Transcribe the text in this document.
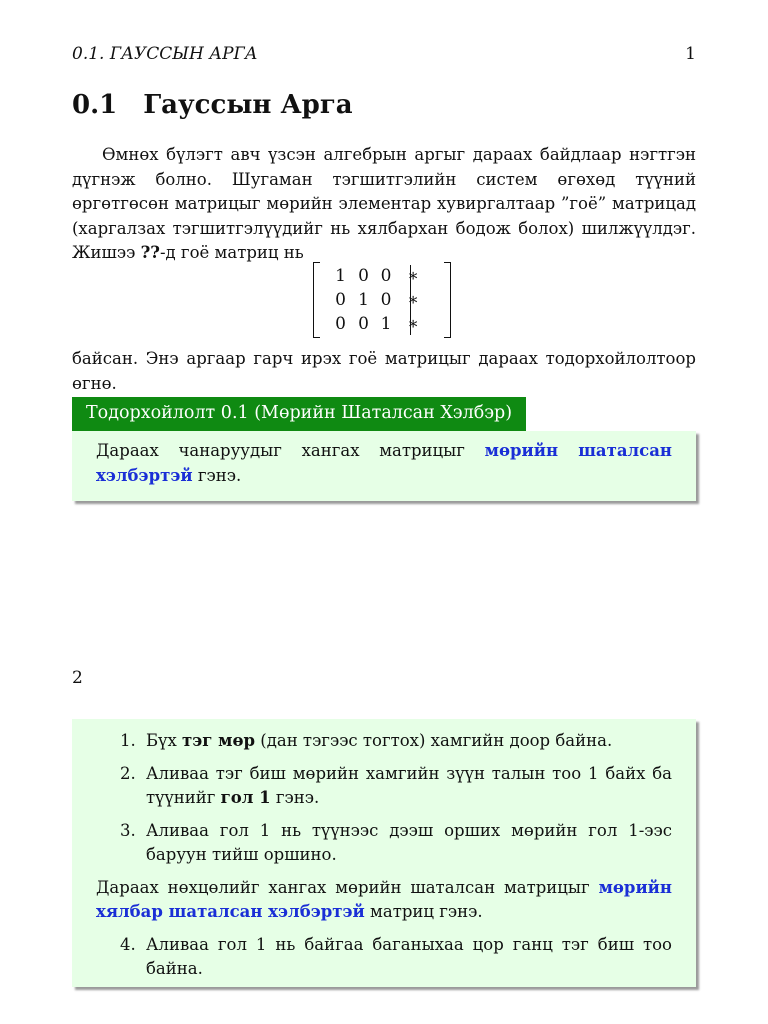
0.1. ГАУССЫН АРГА	1
0.1 Гауссын Арга

Өмнөх бүлэгт авч үзсэн алгебрын аргыг дараах байдлаар нэгтгэн дүгнэж болно. Шугаман тэгшитгэлийн систем өгөхөд түүний өргөтгөсөн матрицыг мөрийн элементар хувиргалтаар ”гоё” матрицад (харгалзах тэгшитгэлүүдийг нь хялбархан бодож болох) шилжүүлдэг. Жишээ ??-д гоё матриц нь

1 0 0 ∗
0 1 0 ∗
0 0 1 ∗

байсан. Энэ аргаар гарч ирэх гоё матрицыг дараах тодорхойлолтоор өгнө.

Тодорхойлолт 0.1 (Мөрийн Шаталсан Хэлбэр)
Дараах чанаруудыг хангах матрицыг мөрийн шаталсан хэлбэртэй гэнэ.
2
1. Бүх тэг мөр (дан тэгээс тогтох) хамгийн доор байна.
2. Аливаа тэг биш мөрийн хамгийн зүүн талын тоо 1 байх ба түүнийг гол 1 гэнэ.
3. Аливаа гол 1 нь түүнээс дээш орших мөрийн гол 1-ээс баруун тийш оршино.

Дараах нөхцөлийг хангах мөрийн шаталсан матрицыг мөрийн хялбар шаталсан хэлбэртэй матриц гэнэ.

4. Аливаа гол 1 нь байгаа баганыхаа цор ганц тэг биш тоо байна.
